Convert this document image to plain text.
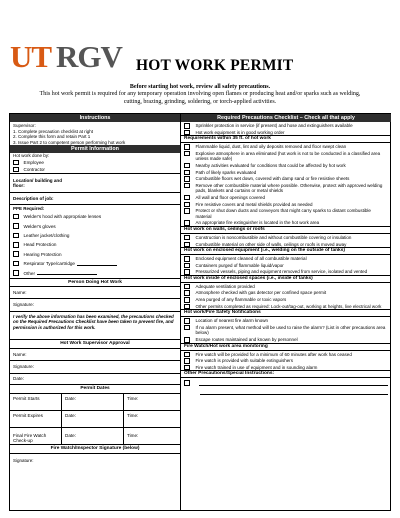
UT RGV HOT WORK PERMIT
Before starting hot work, review all safety precautions.
This hot work permit is required for any temporary operation involving open flames or producing heat and/or sparks such as welding,
cutting, brazing, grinding, soldering, or torch-applied activities.
Instructions
Supervisor:
1. Complete precaution checklist at right
2. Complete this form and retain Part 1
3. Issue Part 2 to competent person performing hot work
Permit Information
Hot work done by:
Employee
Contractor
Location/ building and floor:
Description of job:
PPE Required:
Welder's hood with appropriate lenses
Welder's gloves
Leather jacket/clothing
Head Protection
Hearing Protection
Respirator Type/cartridge
Other
Person Doing Hot Work
Name:
Signature:
I verify the above information has been examined, the precautions checked on the Required Precautions Checklist have been taken to prevent fire, and permission is authorized for this work.
Hot Work Supervisor Approval
Name:
Signature:
Date:
Permit Dates
Permit Starts	Date:	Time:
Permit Expires	Date:	Time:
Final Fire Watch Check-up
Date:	Time:
Fire Watch/Inspector Signature (below)
Signature:
Required Precautions Checklist – Check all that apply
Sprinkler protection in service (if present) and hose and extinguishers available
Hot work equipment is in good working order
Requirements within 35 ft. of hot work
Flammable liquid, dust, lint and oily deposits removed and floor swept clean
Explosive atmosphere in area eliminated (hot work is not to be conducted in a classified area unless made safe)
Nearby activities evaluated for conditions that could be affected by hot work
Path of likely sparks evaluated
Combustible floors wet down, covered with damp sand or fire resistive sheets
Remove other combustible material where possible. Otherwise, protect with approved welding pads, blankets and curtains or metal shields
All wall and floor openings covered
Fire resistive covers and metal shields provided as needed
Protect or shut down ducts and conveyors that might carry sparks to distant combustible material
An appropriate fire extinguisher is located in the hot work area
Hot work on walls, ceilings or roofs
Construction is noncombustible and without combustible covering or insulation
Combustible material on other side of walls, ceilings or roofs is moved away
Hot work on enclosed equipment (i.e., welding on the outside of tanks)
Enclosed equipment cleaned of all combustible material
Containers purged of flammable liquid/vapor
Pressurized vessels, piping and equipment removed from service, isolated and vented
Hot work inside of enclosed spaces (i.e., inside of tanks)
Adequate ventilation provided
Atmosphere checked with gas detector per confined space permit
Area purged of any flammable or toxic vapors
Other permits completed as required: Lock-out/tag-out, working at heights, live electrical work
Hot work/Fire Safety Notifications
Location of nearest fire alarm known
If no alarm present, what method will be used to raise the alarm? (List in other precautions area below)
Escape routes maintained and known by personnel
Fire Watch/Hot work area monitoring
Fire watch will be provided for a minimum of 60 minutes after work has ceased
Fire watch is provided with suitable extinguishers
Fire watch trained in use of equipment and in sounding alarm
Other Precautions/Special Instructions:
